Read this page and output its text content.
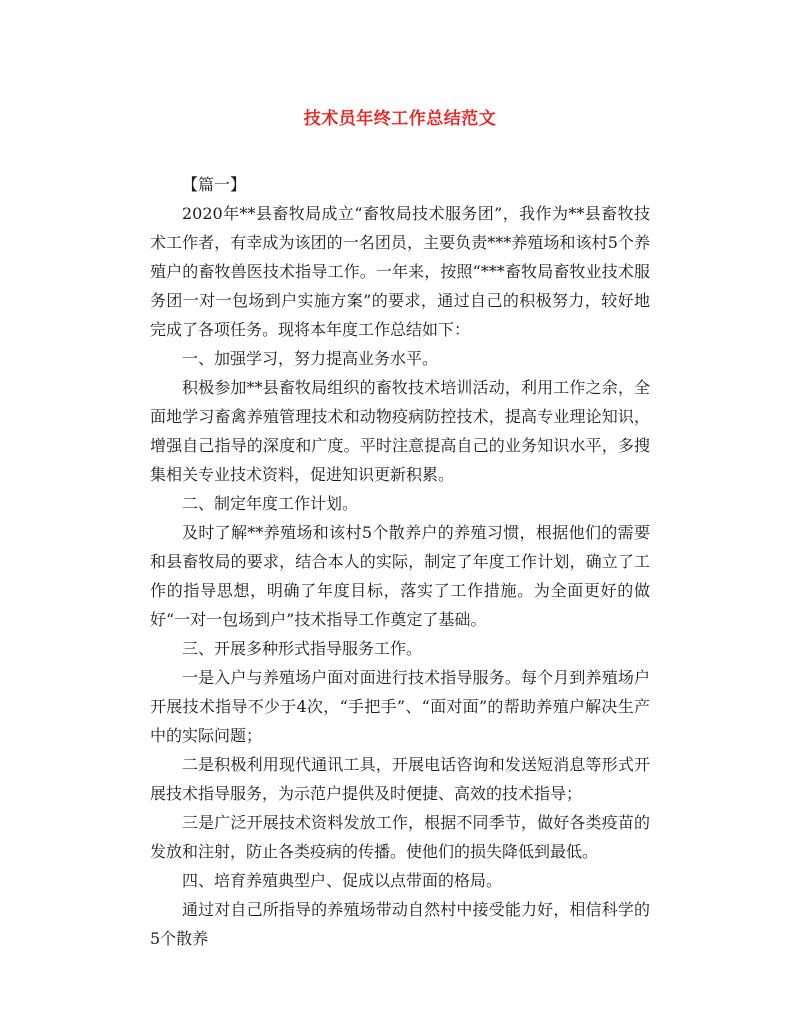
技术员年终工作总结范文

【篇一】

2020年**县畜牧局成立“畜牧局技术服务团”，我作为**县畜牧技术工作者，有幸成为该团的一名团员，主要负责***养殖场和该村5个养殖户的畜牧兽医技术指导工作。一年来，按照“***畜牧局畜牧业技术服务团一对一包场到户实施方案”的要求，通过自己的积极努力，较好地完成了各项任务。现将本年度工作总结如下：

一、加强学习，努力提高业务水平。

积极参加**县畜牧局组织的畜牧技术培训活动，利用工作之余，全面地学习畜禽养殖管理技术和动物疫病防控技术，提高专业理论知识，增强自己指导的深度和广度。平时注意提高自己的业务知识水平，多搜集相关专业技术资料，促进知识更新积累。

二、制定年度工作计划。

及时了解**养殖场和该村5个散养户的养殖习惯，根据他们的需要和县畜牧局的要求，结合本人的实际，制定了年度工作计划，确立了工作的指导思想，明确了年度目标，落实了工作措施。为全面更好的做好“一对一包场到户”技术指导工作奠定了基础。

三、开展多种形式指导服务工作。

一是入户与养殖场户面对面进行技术指导服务。每个月到养殖场户开展技术指导不少于4次，“手把手”、“面对面”的帮助养殖户解决生产中的实际问题；

二是积极利用现代通讯工具，开展电话咨询和发送短消息等形式开展技术指导服务，为示范户提供及时便捷、高效的技术指导；

三是广泛开展技术资料发放工作，根据不同季节，做好各类疫苗的发放和注射，防止各类疫病的传播。使他们的损失降低到最低。

四、培育养殖典型户、促成以点带面的格局。

通过对自己所指导的养殖场带动自然村中接受能力好，相信科学的5个散养
